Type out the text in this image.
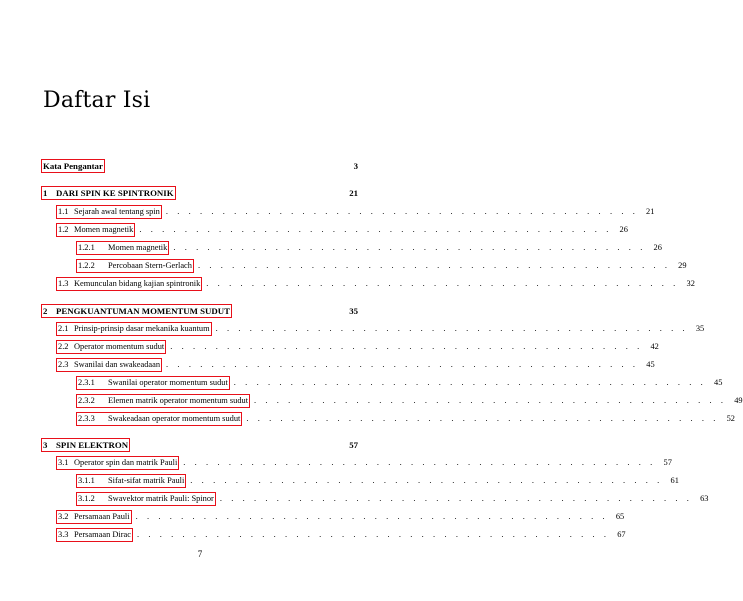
Daftar Isi
Kata Pengantar	3
1 DARI SPIN KE SPINTRONIK	21
1.1 Sejarah awal tentang spin . . . . . . . . . . . . . . . . . . . . . . . . . . . . . . . . . . . . . . . . . . 21
1.2 Momen magnetik . . . . . . . . . . . . . . . . . . . . . . . . . . . . . . . . . . . . . . . . . . 26
1.2.1	Momen magnetik . . . . . . . . . . . . . . . . . . . . . . . . . . . . . . . . . . . . . . . . . . 26
1.2.2	Percobaan Stern-Gerlach . . . . . . . . . . . . . . . . . . . . . . . . . . . . . . . . . . . . . . . . . . 29
1.3 Kemunculan bidang kajian spintronik . . . . . . . . . . . . . . . . . . . . . . . . . . . . . . . . . . . . . . . . . . 32
2 PENGKUANTUMAN MOMENTUM SUDUT	35
2.1 Prinsip-prinsip dasar mekanika kuantum . . . . . . . . . . . . . . . . . . . . . . . . . . . . . . . . . . . . . . . . . . 35
2.2 Operator momentum sudut . . . . . . . . . . . . . . . . . . . . . . . . . . . . . . . . . . . . . . . . . . 42
2.3 Swanilai dan swakeadaan . . . . . . . . . . . . . . . . . . . . . . . . . . . . . . . . . . . . . . . . . . 45
2.3.1	Swanilai operator momentum sudut . . . . . . . . . . . . . . . . . . . . . . . . . . . . . . . . . . . . . . . . . . 45
2.3.2	Elemen matrik operator momentum sudut . . . . . . . . . . . . . . . . . . . . . . . . . . . . . . . . . . . . . . . . . . 49
2.3.3	Swakeadaan operator momentum sudut . . . . . . . . . . . . . . . . . . . . . . . . . . . . . . . . . . . . . . . . . . 52
3 SPIN ELEKTRON	57
3.1 Operator spin dan matrik Pauli . . . . . . . . . . . . . . . . . . . . . . . . . . . . . . . . . . . . . . . . . . 57
3.1.1	Sifat-sifat matrik Pauli . . . . . . . . . . . . . . . . . . . . . . . . . . . . . . . . . . . . . . . . . . 61
3.1.2	Swavektor matrik Pauli: Spinor . . . . . . . . . . . . . . . . . . . . . . . . . . . . . . . . . . . . . . . . . . 63
3.2 Persamaan Pauli . . . . . . . . . . . . . . . . . . . . . . . . . . . . . . . . . . . . . . . . . . 65
3.3 Persamaan Dirac . . . . . . . . . . . . . . . . . . . . . . . . . . . . . . . . . . . . . . . . . . 67
7
